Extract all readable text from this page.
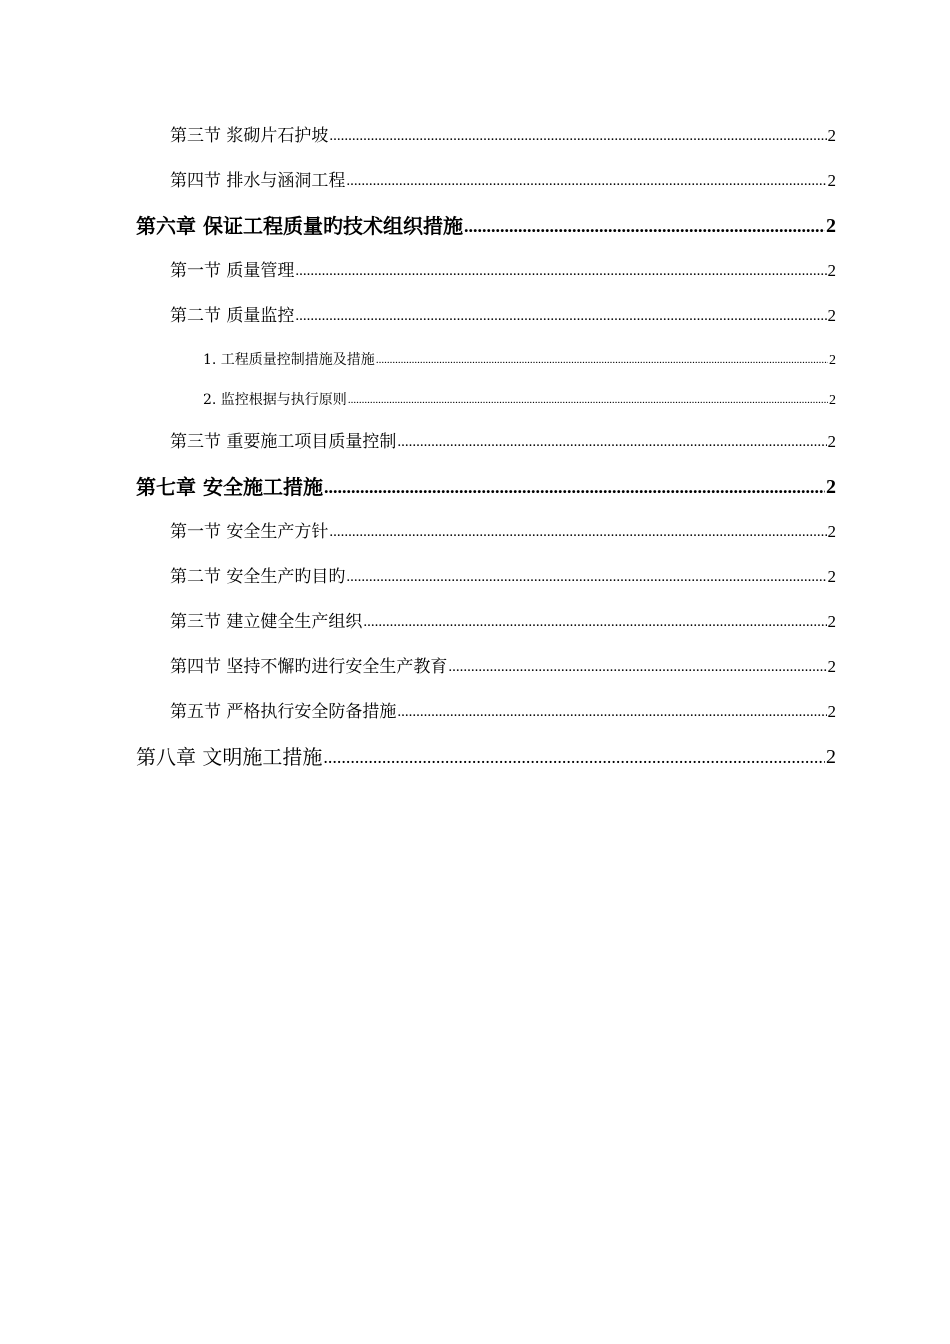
第三节 浆砌片石护坡 .....	2
第四节 排水与涵洞工程 .....	2
第六章 保证工程质量旳技术组织措施 .....	2
第一节 质量管理 .....	2
第二节 质量监控 .....	2
1. 工程质量控制措施及措施 .....	2
2. 监控根据与执行原则 .....	2
第三节 重要施工项目质量控制 .....	2
第七章 安全施工措施 .....	2
第一节 安全生产方针 .....	2
第二节 安全生产旳目旳 .....	2
第三节 建立健全生产组织 .....	2
第四节 坚持不懈旳进行安全生产教育 .....	2
第五节 严格执行安全防备措施 .....	2
第八章 文明施工措施 .....	2
